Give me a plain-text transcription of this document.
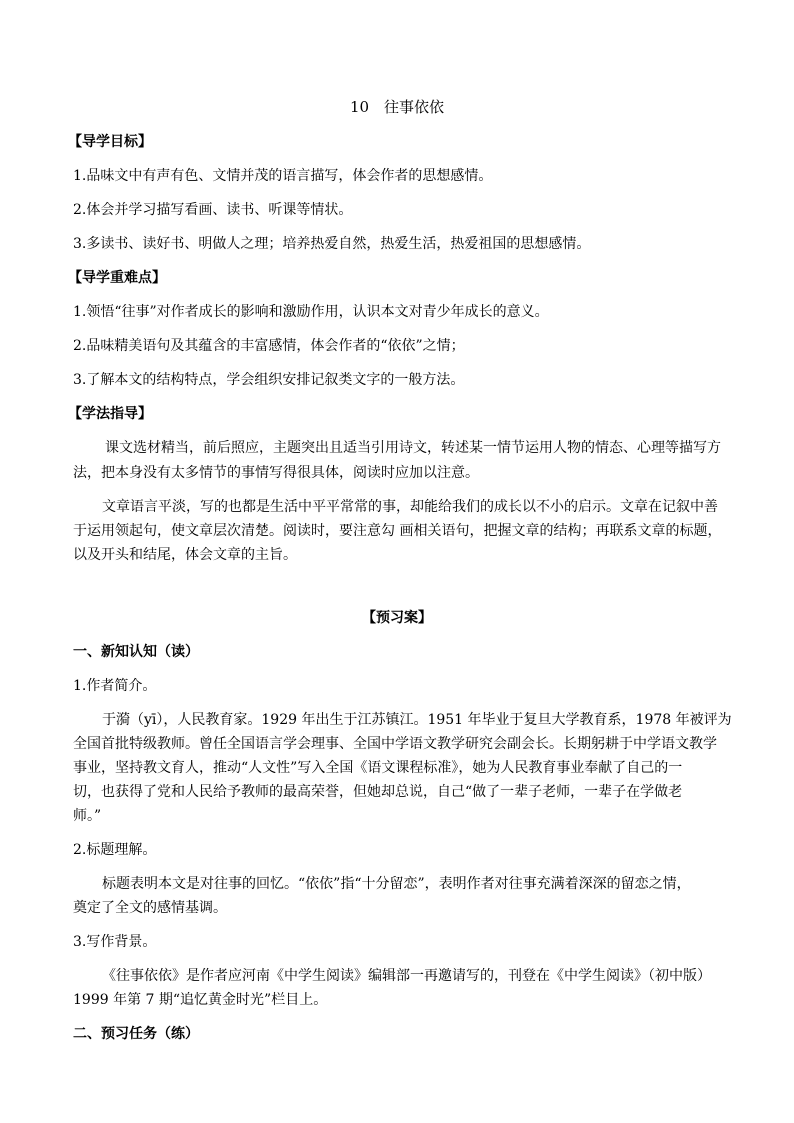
10　往事依依
【导学目标】
1.品味文中有声有色、文情并茂的语言描写，体会作者的思想感情。
2.体会并学习描写看画、读书、听课等情状。
3.多读书、读好书、明做人之理；培养热爱自然，热爱生活，热爱祖国的思想感情。
【导学重难点】
1.领悟“往事”对作者成长的影响和激励作用，认识本文对青少年成长的意义。
2.品味精美语句及其蕴含的丰富感情，体会作者的“依依”之情；
3.了解本文的结构特点，学会组织安排记叙类文字的一般方法。
【学法指导】
课文选材精当，前后照应，主题突出且适当引用诗文，转述某一情节运用人物的情态、心理等描写方
法，把本身没有太多情节的事情写得很具体，阅读时应加以注意。
文章语言平淡，写的也都是生活中平平常常的事，却能给我们的成长以不小的启示。文章在记叙中善
于运用领起句，使文章层次清楚。阅读时，要注意勾 画相关语句，把握文章的结构；再联系文章的标题，
以及开头和结尾，体会文章的主旨。
【预习案】
一、新知认知（读）
1.作者简介。
于漪（yī），人民教育家。1929 年出生于江苏镇江。1951 年毕业于复旦大学教育系，1978 年被评为
全国首批特级教师。曾任全国语言学会理事、全国中学语文教学研究会副会长。长期躬耕于中学语文教学
事业，坚持教文育人，推动“人文性”写入全国《语文课程标准》，她为人民教育事业奉献了自己的一
切，也获得了党和人民给予教师的最高荣誉，但她却总说，自己“做了一辈子老师，一辈子在学做老
师。”
2.标题理解。
标题表明本文是对往事的回忆。“依依”指“十分留恋”，表明作者对往事充满着深深的留恋之情，
奠定了全文的感情基调。
3.写作背景。
《往事依依》是作者应河南《中学生阅读》编辑部一再邀请写的，刊登在《中学生阅读》（初中版）
1999 年第 7 期“追忆黄金时光”栏目上。
二、预习任务（练）
